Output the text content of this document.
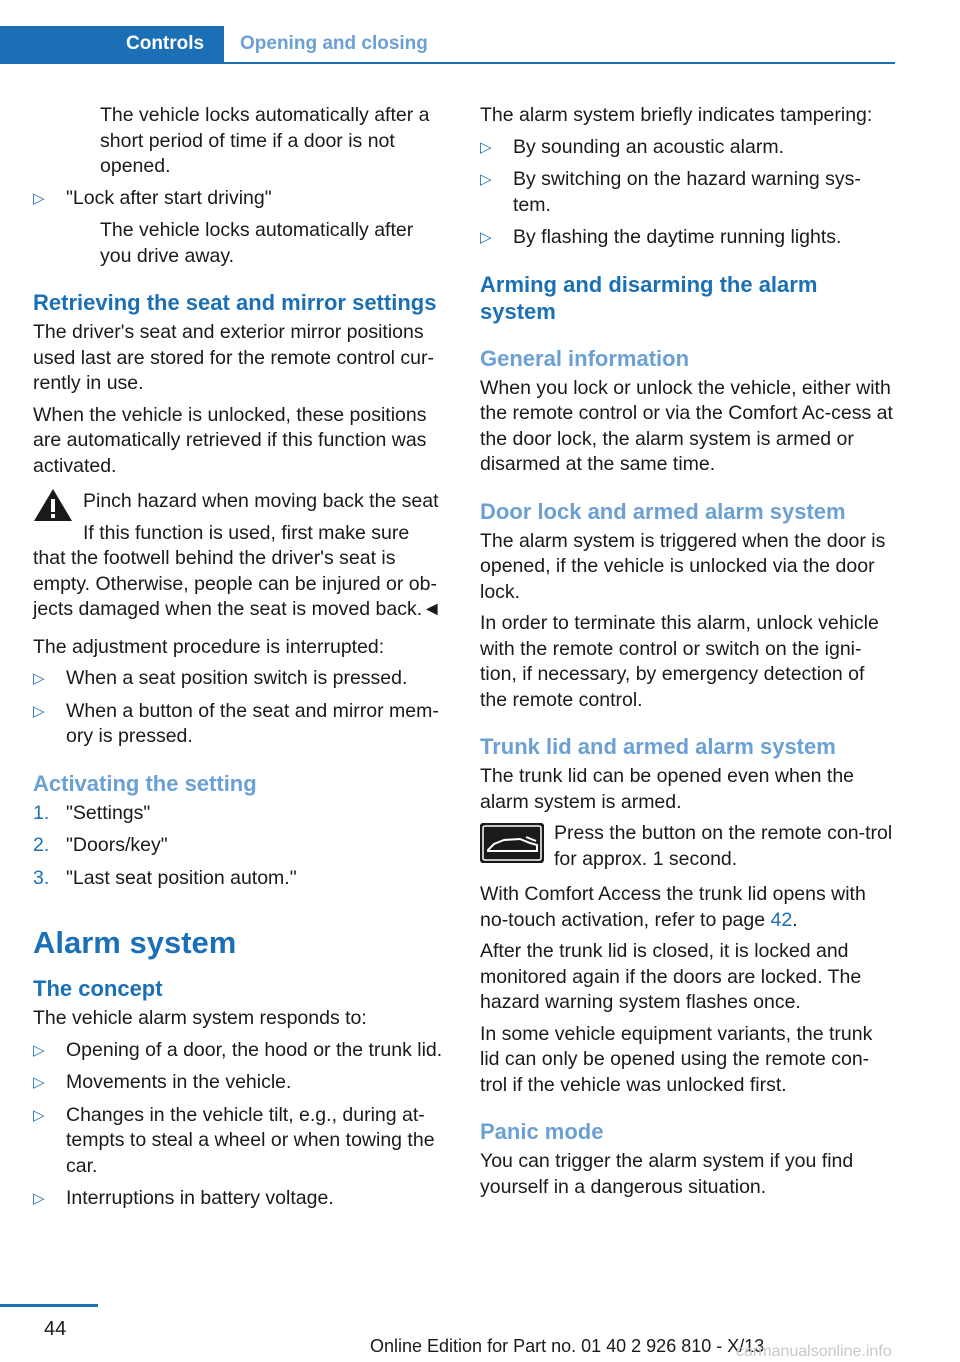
Controls	Opening and closing

The vehicle locks automatically after a short period of time if a door is not opened.

▷ "Lock after start driving"

The vehicle locks automatically after you drive away.

Retrieving the seat and mirror settings

The driver's seat and exterior mirror positions used last are stored for the remote control cur-rently in use.

When the vehicle is unlocked, these positions are automatically retrieved if this function was activated.

Pinch hazard when moving back the seat

If this function is used, first make sure

that the footwell behind the driver's seat is empty. Otherwise, people can be injured or ob-jects damaged when the seat is moved back.◄

The adjustment procedure is interrupted:

▷ When a seat position switch is pressed.
▷ When a button of the seat and mirror mem-ory is pressed.
Activating the setting
1. "Settings"
2. "Doors/key"
3. "Last seat position autom."
Alarm system
The concept

The vehicle alarm system responds to:

▷ Opening of a door, the hood or the trunk lid.
▷ Movements in the vehicle.
▷ Changes in the vehicle tilt, e.g., during at-tempts to steal a wheel or when towing the car.
▷ Interruptions in battery voltage.

The alarm system briefly indicates tampering:

▷ By sounding an acoustic alarm.
▷ By switching on the hazard warning sys-tem.
▷ By flashing the daytime running lights.
Arming and disarming the alarm system
General information

When you lock or unlock the vehicle, either with the remote control or via the Comfort Ac-cess at the door lock, the alarm system is armed or disarmed at the same time.

Door lock and armed alarm system

The alarm system is triggered when the door is opened, if the vehicle is unlocked via the door lock.

In order to terminate this alarm, unlock vehicle with the remote control or switch on the igni-tion, if necessary, by emergency detection of the remote control.

Trunk lid and armed alarm system

The trunk lid can be opened even when the alarm system is armed.

Press the button on the remote con-trol for approx. 1 second.

With Comfort Access the trunk lid opens with no-touch activation, refer to page 42.

After the trunk lid is closed, it is locked and monitored again if the doors are locked. The hazard warning system flashes once.

In some vehicle equipment variants, the trunk lid can only be opened using the remote con-trol if the vehicle was unlocked first.

Panic mode

You can trigger the alarm system if you find yourself in a dangerous situation.

44
Online Edition for Part no. 01 40 2 926 810 - X/13
carmanualsonline.info
